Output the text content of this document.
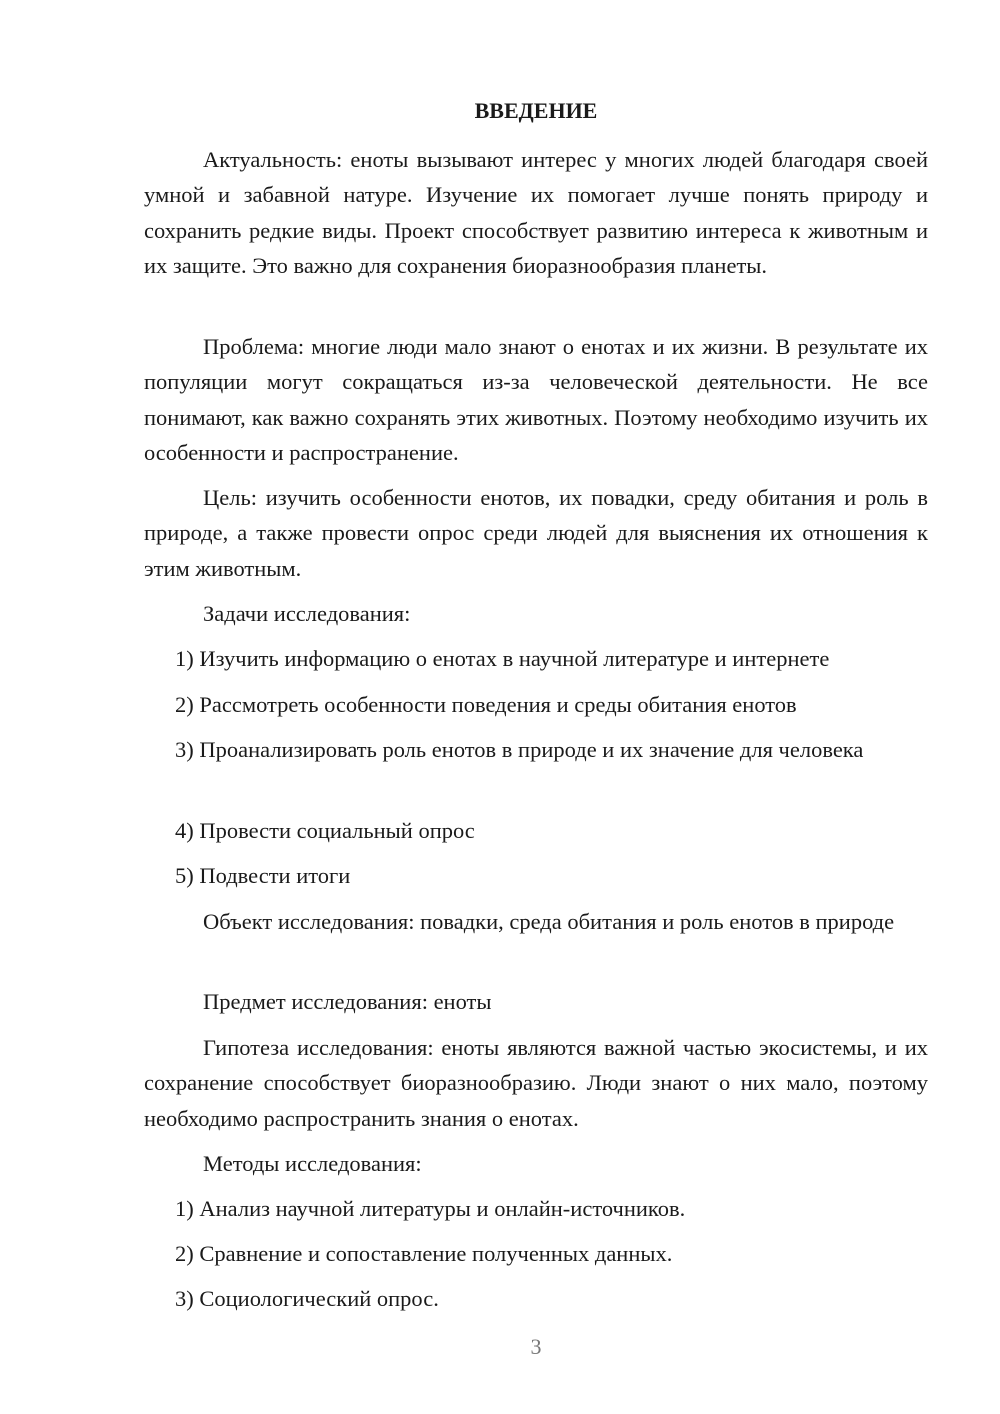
ВВЕДЕНИЕ

Актуальность: еноты вызывают интерес у многих людей благодаря своей умной и забавной натуре. Изучение их помогает лучше понять природу и сохранить редкие виды. Проект способствует развитию интереса к животным и их защите. Это важно для сохранения биоразнообразия планеты.

Проблема: многие люди мало знают о енотах и их жизни. В результате их популяции могут сокращаться из-за человеческой деятельности. Не все понимают, как важно сохранять этих животных. Поэтому необходимо изучить их особенности и распространение.

Цель: изучить особенности енотов, их повадки, среду обитания и роль в природе, а также провести опрос среди людей для выяснения их отношения к этим животным.

Задачи исследования:

1) Изучить информацию о енотах в научной литературе и интернете

2) Рассмотреть особенности поведения и среды обитания енотов

3) Проанализировать роль енотов в природе и их значение для человека

4) Провести социальный опрос

5) Подвести итоги

Объект исследования: повадки, среда обитания и роль енотов в природе

Предмет исследования: еноты

Гипотеза исследования: еноты являются важной частью экосистемы, и их сохранение способствует биоразнообразию. Люди знают о них мало, поэтому необходимо распространить знания о енотах.

Методы исследования:

1) Анализ научной литературы и онлайн-источников.

2) Сравнение и сопоставление полученных данных.

3) Социологический опрос.

3
